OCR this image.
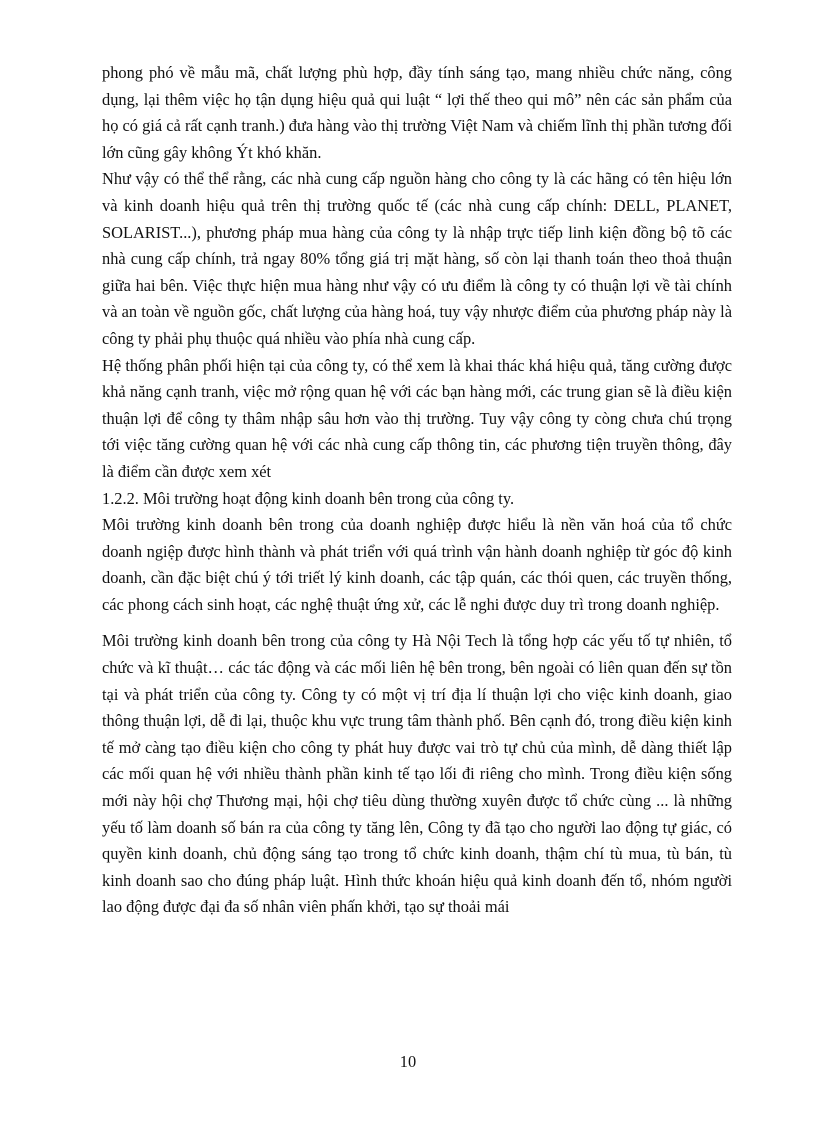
phong phó về mẫu mã, chất lượng phù hợp, đầy tính sáng tạo, mang nhiều chức năng, công dụng, lại thêm việc họ tận dụng hiệu quả qui luật “ lợi thế theo qui mô” nên các sản phẩm của họ có giá cả rất cạnh tranh.) đưa hàng vào thị trường Việt Nam và chiếm lĩnh thị phần tương đối lớn cũng gây không Ýt khó khăn.

Như vậy có thể thể rằng, các nhà cung cấp nguồn hàng cho công ty là các hãng có tên hiệu lớn và kinh doanh hiệu quả trên thị trường quốc tế (các nhà cung cấp chính: DELL, PLANET, SOLARIST...), phương pháp mua hàng của công ty là nhập trực tiếp linh kiện đồng bộ tõ các nhà cung cấp chính, trả ngay 80% tổng giá trị mặt hàng, số còn lại thanh toán theo thoả thuận giữa hai bên. Việc thực hiện mua hàng như vậy có ưu điểm là công ty có thuận lợi về tài chính và an toàn về nguồn gốc, chất lượng của hàng hoá, tuy vậy nhược điểm của phương pháp này là công ty phải phụ thuộc quá nhiều vào phía nhà cung cấp.

Hệ thống phân phối hiện tại của công ty, có thể xem là khai thác khá hiệu quả, tăng cường được khả năng cạnh tranh, việc mở rộng quan hệ với các bạn hàng mới, các trung gian sẽ là điều kiện thuận lợi để công ty thâm nhập sâu hơn vào thị trường. Tuy vậy công ty còng chưa chú trọng tới việc tăng cường quan hệ với các nhà cung cấp thông tin, các phương tiện truyền thông, đây là điểm cần được xem xét

1.2.2. Môi trường hoạt động kinh doanh bên trong của công ty.

Môi trường kinh doanh bên trong của doanh nghiệp được hiểu là nền văn hoá của tổ chức doanh ngiệp được hình thành và phát triển với quá trình vận hành doanh nghiệp từ góc độ kinh doanh, cần đặc biệt chú ý tới triết lý kinh doanh, các tập quán, các thói quen, các truyền thống, các phong cách sinh hoạt, các nghệ thuật ứng xử, các lễ nghi được duy trì trong doanh nghiệp.

Môi trường kinh doanh bên trong của công ty Hà Nội Tech là tổng hợp các yếu tố tự nhiên, tổ chức và kĩ thuật… các tác động và các mối liên hệ bên trong, bên ngoài có liên quan đến sự tồn tại và phát triển của công ty. Công ty có một vị trí địa lí thuận lợi cho việc kinh doanh, giao thông thuận lợi, dễ đi lại, thuộc khu vực trung tâm thành phố. Bên cạnh đó, trong điều kiện kinh tế mở càng tạo điều kiện cho công ty phát huy được vai trò tự chủ của mình, dễ dàng thiết lập các mối quan hệ với nhiều thành phần kinh tế tạo lối đi riêng cho mình. Trong điều kiện sống mới này hội chợ Thương mại, hội chợ tiêu dùng thường xuyên được tổ chức cùng ... là những yếu tố làm doanh số bán ra của công ty tăng lên, Công ty đã tạo cho người lao động tự giác, có quyền kinh doanh, chủ động sáng tạo trong tổ chức kinh doanh, thậm chí tù mua, tù bán, tù kinh doanh sao cho đúng pháp luật. Hình thức khoán hiệu quả kinh doanh đến tổ, nhóm người lao động được đại đa số nhân viên phấn khởi, tạo sự thoải mái

10
